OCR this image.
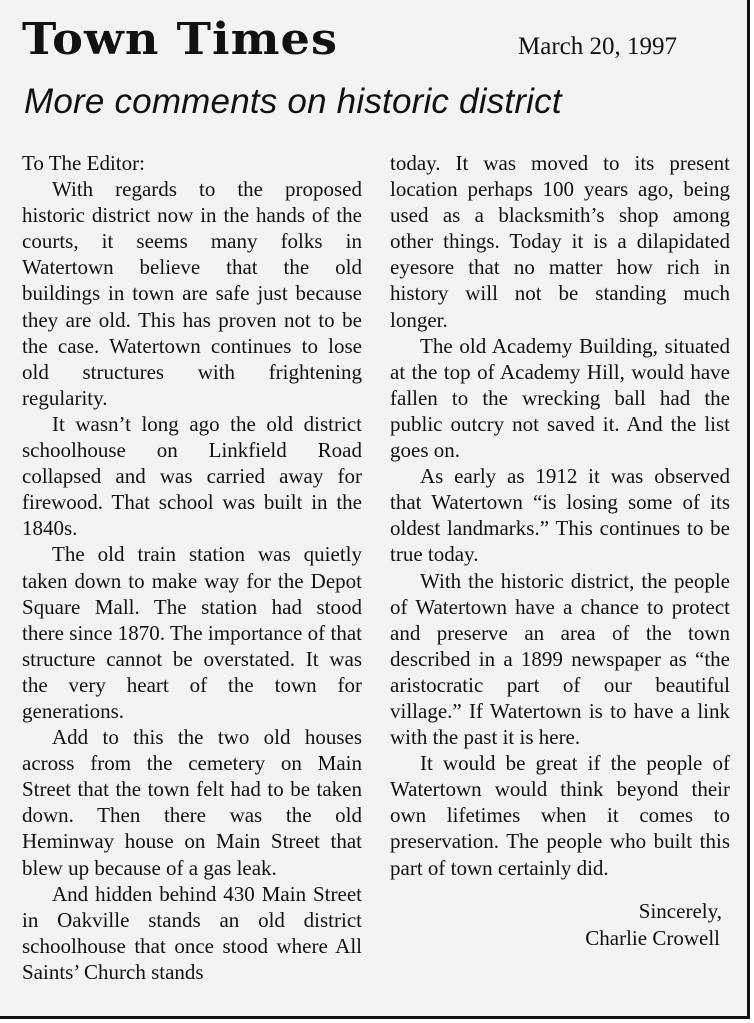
Town Times	March 20, 1997
More comments on historic district

To The Editor:

With regards to the proposed historic district now in the hands of the courts, it seems many folks in Watertown believe that the old buildings in town are safe just because they are old. This has proven not to be the case. Watertown continues to lose old structures with frightening regularity.

It wasn’t long ago the old district schoolhouse on Linkfield Road collapsed and was carried away for firewood. That school was built in the 1840s.

The old train station was quietly taken down to make way for the Depot Square Mall. The station had stood there since 1870. The importance of that structure cannot be overstated. It was the very heart of the town for generations.

Add to this the two old houses across from the cemetery on Main Street that the town felt had to be taken down. Then there was the old Heminway house on Main Street that blew up because of a gas leak.

And hidden behind 430 Main Street in Oakville stands an old district schoolhouse that once stood where All Saints’ Church stands

today. It was moved to its present location perhaps 100 years ago, being used as a blacksmith’s shop among other things. Today it is a dilapidated eyesore that no matter how rich in history will not be standing much longer.

The old Academy Building, situated at the top of Academy Hill, would have fallen to the wrecking ball had the public outcry not saved it. And the list goes on.

As early as 1912 it was observed that Watertown “is losing some of its oldest landmarks.” This continues to be true today.

With the historic district, the people of Watertown have a chance to protect and preserve an area of the town described in a 1899 newspaper as “the aristocratic part of our beautiful village.” If Watertown is to have a link with the past it is here.

It would be great if the people of Watertown would think beyond their own lifetimes when it comes to preservation. The people who built this part of town certainly did.

Sincerely,
Charlie Crowell
